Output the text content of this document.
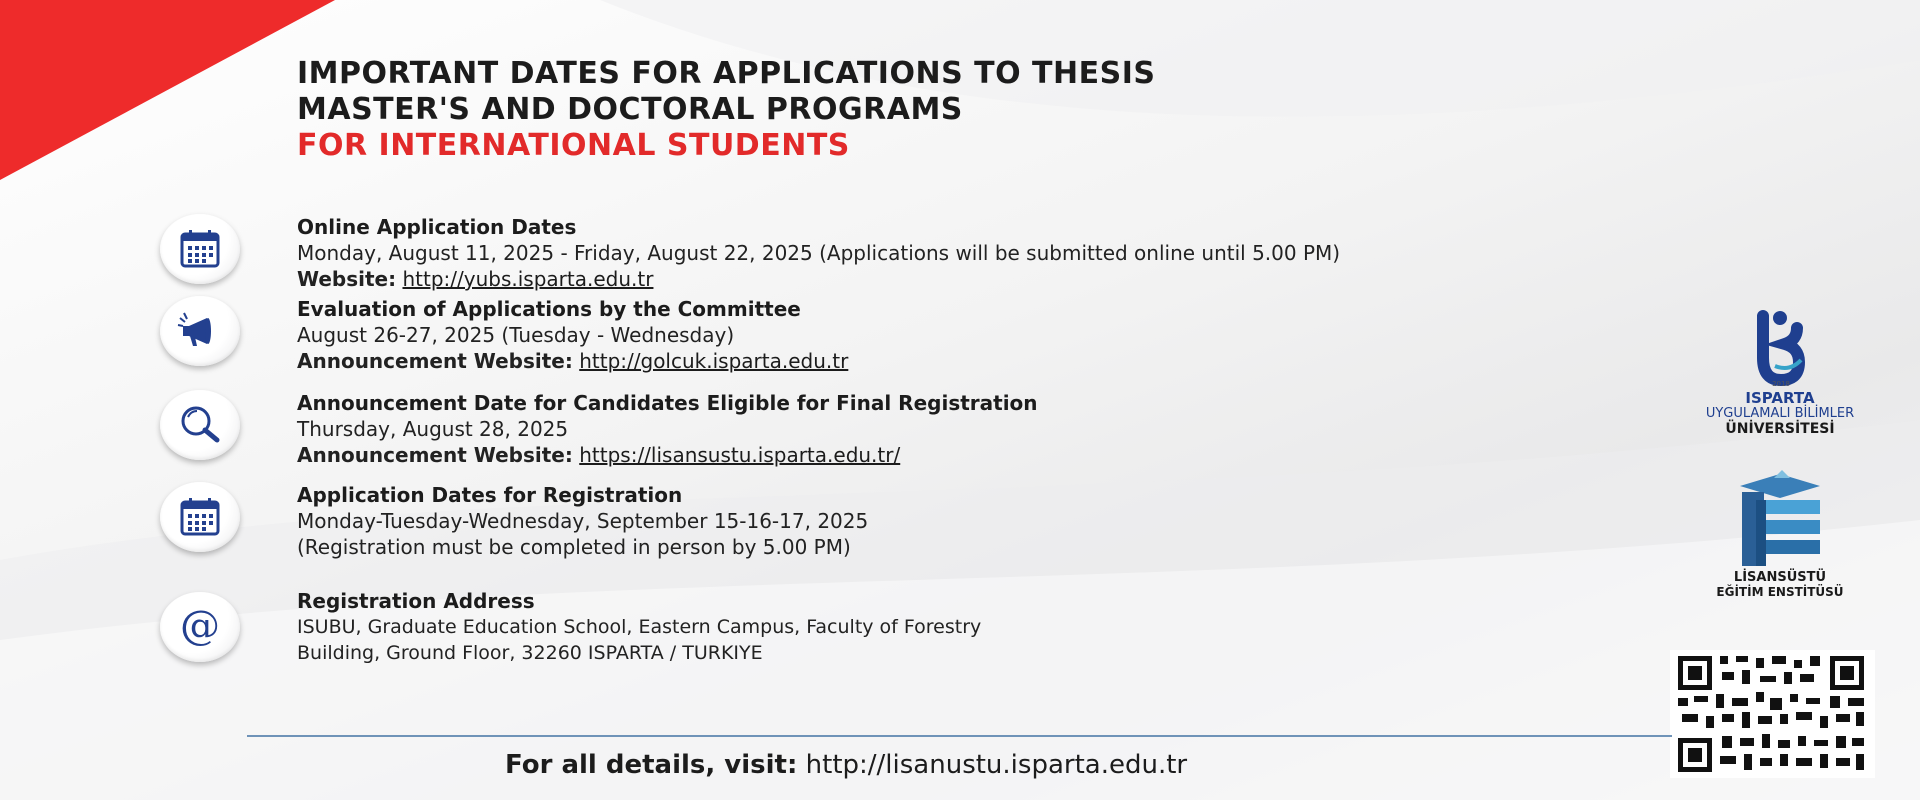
IMPORTANT DATES FOR APPLICATIONS TO THESIS
MASTER'S AND DOCTORAL PROGRAMS
FOR INTERNATIONAL STUDENTS
Online Application Dates
Monday, August 11, 2025 - Friday, August 22, 2025 (Applications will be submitted online until 5.00 PM)
Website: http://yubs.isparta.edu.tr
Evaluation of Applications by the Committee
August 26-27, 2025 (Tuesday - Wednesday)
Announcement Website: http://golcuk.isparta.edu.tr
Announcement Date for Candidates Eligible for Final Registration
Thursday, August 28, 2025
Announcement Website: https://lisansustu.isparta.edu.tr/
Application Dates for Registration
Monday-Tuesday-Wednesday, September 15-16-17, 2025
(Registration must be completed in person by 5.00 PM)
@
Registration Address
ISUBU, Graduate Education School, Eastern Campus, Faculty of Forestry
Building, Ground Floor, 32260 ISPARTA / TURKIYE
2018
ISPARTA
UYGULAMALI BİLİMLER
ÜNİVERSİTESİ
LİSANSÜSTÜ
EĞİTİM ENSTİTÜSÜ
For all details, visit: http://lisanustu.isparta.edu.tr
